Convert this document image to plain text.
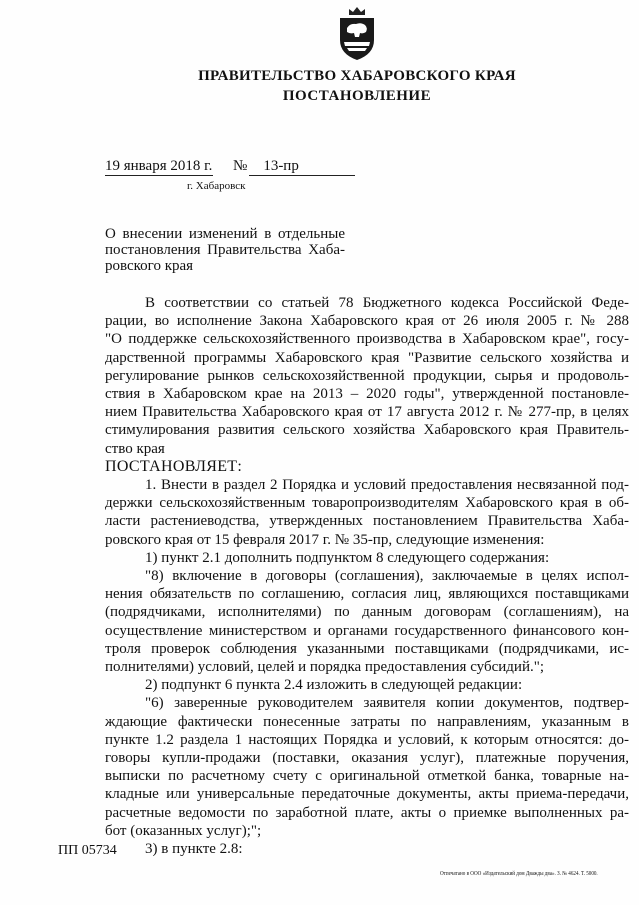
ПРАВИТЕЛЬСТВО ХАБАРОВСКОГО КРАЯ
ПОСТАНОВЛЕНИЕ
19 января 2018 г. № 13-пр
г. Хабаровск
О внесении изменений в отдельные
постановления Правительства Хаба-
ровского края
В соответствии со статьей 78 Бюджетного кодекса Российской Феде-
рации, во исполнение Закона Хабаровского края от 26 июля 2005 г. № 288
"О поддержке сельскохозяйственного производства в Хабаровском крае", госу-
дарственной программы Хабаровского края "Развитие сельского хозяйства и
регулирование рынков сельскохозяйственной продукции, сырья и продоволь-
ствия в Хабаровском крае на 2013 – 2020 годы", утвержденной постановле-
нием Правительства Хабаровского края от 17 августа 2012 г. № 277-пр, в целях
стимулирования развития сельского хозяйства Хабаровского края Правитель-
ство края
ПОСТАНОВЛЯЕТ:
1. Внести в раздел 2 Порядка и условий предоставления несвязанной под-
держки сельскохозяйственным товаропроизводителям Хабаровского края в об-
ласти растениеводства, утвержденных постановлением Правительства Хаба-
ровского края от 15 февраля 2017 г. № 35-пр, следующие изменения:
1) пункт 2.1 дополнить подпунктом 8 следующего содержания:
"8) включение в договоры (соглашения), заключаемые в целях испол-
нения обязательств по соглашению, согласия лиц, являющихся поставщиками
(подрядчиками, исполнителями) по данным договорам (соглашениям), на
осуществление министерством и органами государственного финансового кон-
троля проверок соблюдения указанными поставщиками (подрядчиками, ис-
полнителями) условий, целей и порядка предоставления субсидий.";
2) подпункт 6 пункта 2.4 изложить в следующей редакции:
"6) заверенные руководителем заявителя копии документов, подтвер-
ждающие фактически понесенные затраты по направлениям, указанным в
пункте 1.2 раздела 1 настоящих Порядка и условий, к которым относятся: до-
говоры купли-продажи (поставки, оказания услуг), платежные поручения,
выписки по расчетному счету с оригинальной отметкой банка, товарные на-
кладные или универсальные передаточные документы, акты приема-передачи,
расчетные ведомости по заработной плате, акты о приемке выполненных ра-
бот (оказанных услуг);";
3) в пункте 2.8:
ПП 05734
Отпечатано в ООО «Издательский дом Дважды два». З. № 4624. Т. 5000.
